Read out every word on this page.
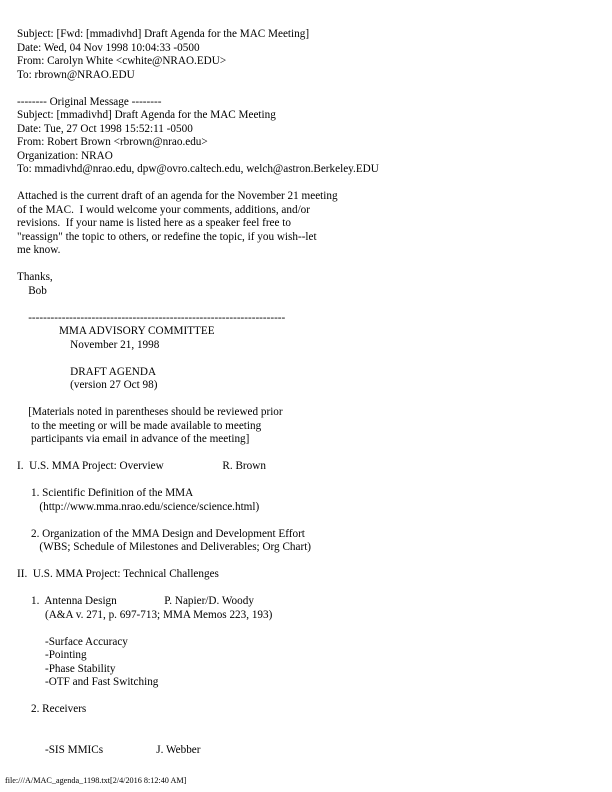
Subject: [Fwd: [mmadivhd] Draft Agenda for the MAC Meeting]
Date: Wed, 04 Nov 1998 10:04:33 -0500
From: Carolyn White <cwhite@NRAO.EDU>
To: rbrown@NRAO.EDU
-------- Original Message --------
Subject: [mmadivhd] Draft Agenda for the MAC Meeting
Date: Tue, 27 Oct 1998 15:52:11 -0500
From: Robert Brown <rbrown@nrao.edu>
Organization: NRAO
To: mmadivhd@nrao.edu, dpw@ovro.caltech.edu, welch@astron.Berkeley.EDU
Attached is the current draft of an agenda for the November 21 meeting
of the MAC.  I would welcome your comments, additions, and/or
revisions.  If your name is listed here as a speaker feel free to
"reassign" the topic to others, or redefine the topic, if you wish--let
me know.
Thanks,
Bob
---------------------------------------------------------------------
MMA ADVISORY COMMITTEE
November 21, 1998
DRAFT AGENDA
(version 27 Oct 98)
[Materials noted in parentheses should be reviewed prior
to the meeting or will be made available to meeting
participants via email in advance of the meeting]
I.  U.S. MMA Project: Overview                     R. Brown
1. Scientific Definition of the MMA
(http://www.mma.nrao.edu/science/science.html)
2. Organization of the MMA Design and Development Effort
(WBS; Schedule of Milestones and Deliverables; Org Chart)
II.  U.S. MMA Project: Technical Challenges
1.  Antenna Design                 P. Napier/D. Woody
(A&A v. 271, p. 697-713; MMA Memos 223, 193)
-Surface Accuracy
-Pointing
-Phase Stability
-OTF and Fast Switching
2. Receivers
-SIS MMICs                   J. Webber
file:///A/MAC_agenda_1198.txt[2/4/2016 8:12:40 AM]
